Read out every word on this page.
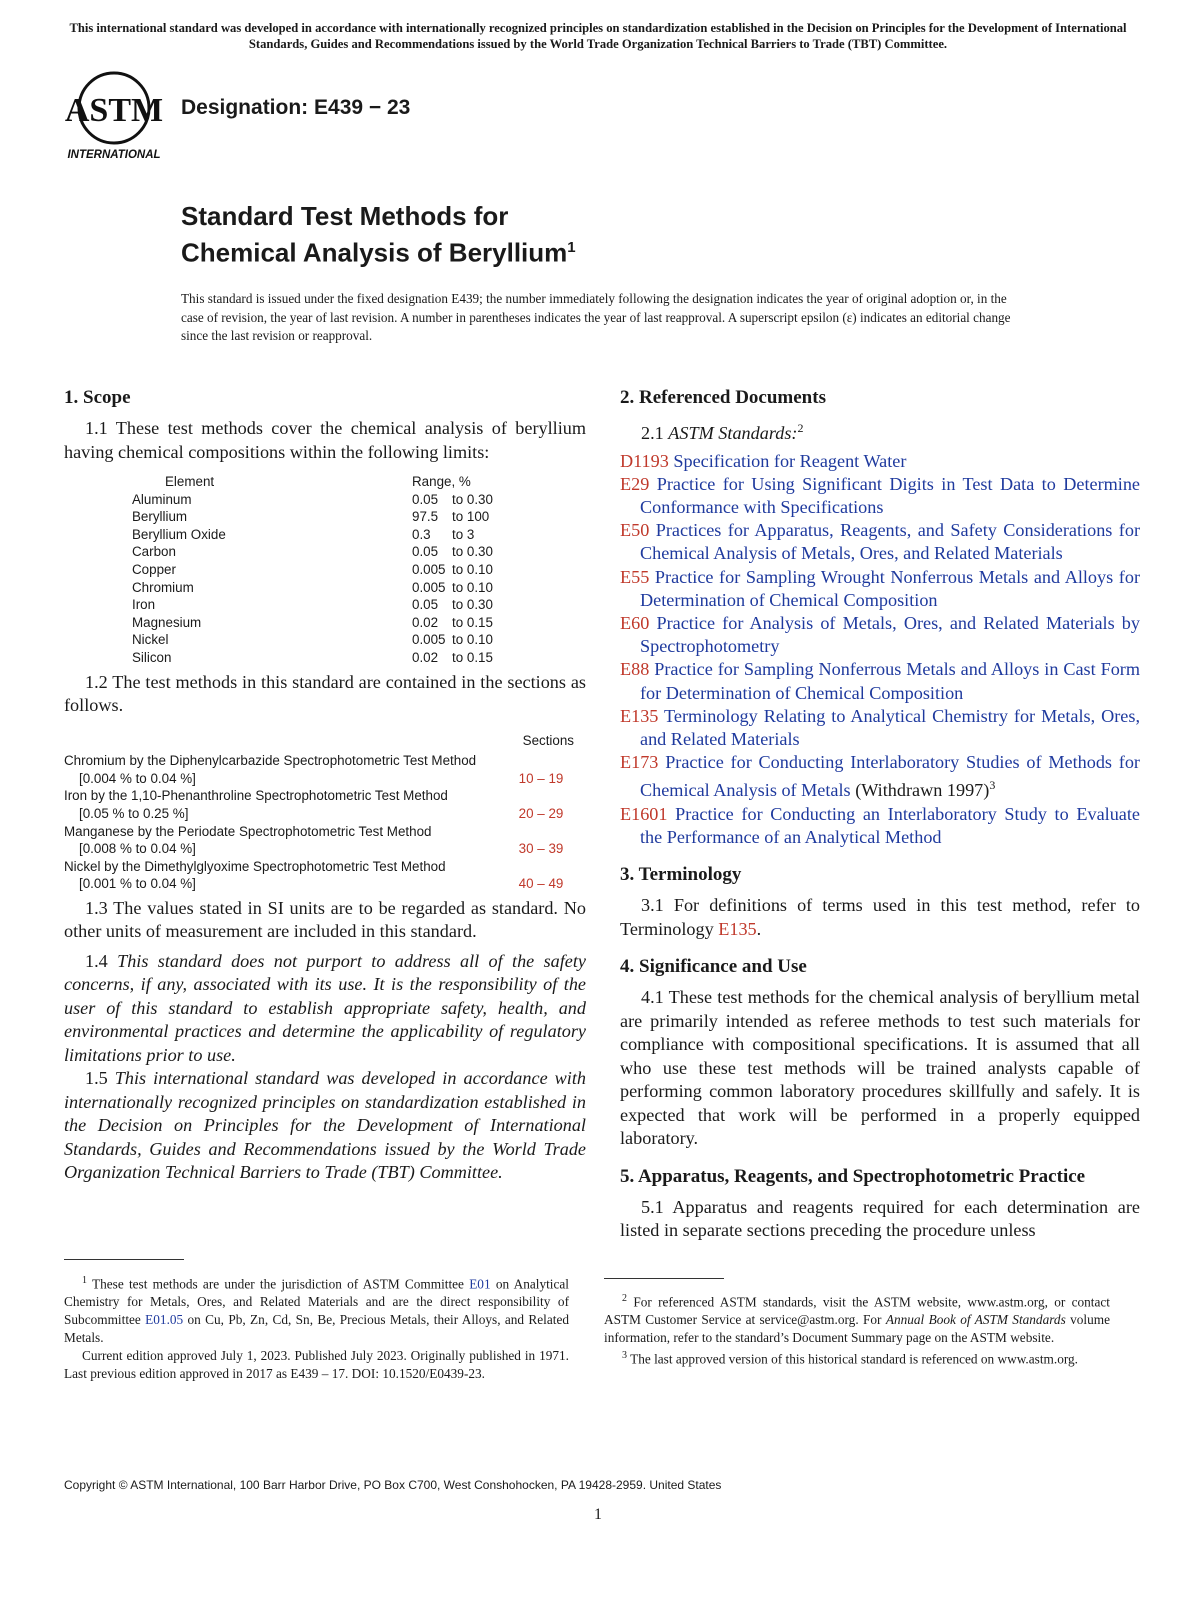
This international standard was developed in accordance with internationally recognized principles on standardization established in the Decision on Principles for the Development of International Standards, Guides and Recommendations issued by the World Trade Organization Technical Barriers to Trade (TBT) Committee.
ASTM
INTERNATIONAL
Designation: E439 − 23
Standard Test Methods for
Chemical Analysis of Beryllium$^1$
This standard is issued under the fixed designation E439; the number immediately following the designation indicates the year of original adoption or, in the case of revision, the year of last revision. A number in parentheses indicates the year of last reapproval. A superscript epsilon (ε) indicates an editorial change since the last revision or reapproval.
1. Scope

1.1 These test methods cover the chemical analysis of beryllium having chemical compositions within the following limits:

Element	Range, %
Aluminum	0.05	to 0.30
Beryllium	97.5	to 100
Beryllium Oxide	0.3	to 3
Carbon	0.05	to 0.30
Copper	0.005 to 0.10
Chromium	0.005 to 0.10
Iron	0.05	to 0.30
Magnesium	0.02	to 0.15
Nickel	0.005 to 0.10
Silicon	0.02	to 0.15

1.2 The test methods in this standard are contained in the sections as follows.

Sections
Chromium by the Diphenylcarbazide Spectrophotometric Test Method
[0.004 % to 0.04 %]	10 – 19
Iron by the 1,10-Phenanthroline Spectrophotometric Test Method
[0.05 % to 0.25 %]	20 – 29
Manganese by the Periodate Spectrophotometric Test Method
[0.008 % to 0.04 %]	30 – 39
Nickel by the Dimethylglyoxime Spectrophotometric Test Method
[0.001 % to 0.04 %]	40 – 49

1.3 The values stated in SI units are to be regarded as standard. No other units of measurement are included in this standard.

1.4 This standard does not purport to address all of the safety concerns, if any, associated with its use. It is the responsibility of the user of this standard to establish appropriate safety, health, and environmental practices and determine the applicability of regulatory limitations prior to use.

1.5 This international standard was developed in accordance with internationally recognized principles on standardization established in the Decision on Principles for the Development of International Standards, Guides and Recommendations issued by the World Trade Organization Technical Barriers to Trade (TBT) Committee.

2. Referenced Documents

2.1 ASTM Standards:$^2$

D1193 Specification for Reagent Water
E29 Practice for Using Significant Digits in Test Data to Determine Conformance with Specifications
E50 Practices for Apparatus, Reagents, and Safety Considerations for Chemical Analysis of Metals, Ores, and Related Materials
E55 Practice for Sampling Wrought Nonferrous Metals and Alloys for Determination of Chemical Composition
E60 Practice for Analysis of Metals, Ores, and Related Materials by Spectrophotometry
E88 Practice for Sampling Nonferrous Metals and Alloys in Cast Form for Determination of Chemical Composition
E135 Terminology Relating to Analytical Chemistry for Metals, Ores, and Related Materials
E173 Practice for Conducting Interlaboratory Studies of Methods for Chemical Analysis of Metals (Withdrawn 1997)$^3$
E1601 Practice for Conducting an Interlaboratory Study to Evaluate the Performance of an Analytical Method
3. Terminology

3.1 For definitions of terms used in this test method, refer to Terminology E135.

4. Significance and Use

4.1 These test methods for the chemical analysis of beryllium metal are primarily intended as referee methods to test such materials for compliance with compositional specifications. It is assumed that all who use these test methods will be trained analysts capable of performing common laboratory procedures skillfully and safely. It is expected that work will be performed in a properly equipped laboratory.

5. Apparatus, Reagents, and Spectrophotometric Practice

5.1 Apparatus and reagents required for each determination are listed in separate sections preceding the procedure unless

$^1$ These test methods are under the jurisdiction of ASTM Committee E01 on Analytical Chemistry for Metals, Ores, and Related Materials and are the direct responsibility of Subcommittee E01.05 on Cu, Pb, Zn, Cd, Sn, Be, Precious Metals, their Alloys, and Related Metals.
Current edition approved July 1, 2023. Published July 2023. Originally published in 1971. Last previous edition approved in 2017 as E439 – 17. DOI: 10.1520/E0439-23.
$^2$ For referenced ASTM standards, visit the ASTM website, www.astm.org, or contact ASTM Customer Service at service@astm.org. For Annual Book of ASTM Standards volume information, refer to the standard’s Document Summary page on the ASTM website.
$^3$ The last approved version of this historical standard is referenced on www.astm.org.
Copyright © ASTM International, 100 Barr Harbor Drive, PO Box C700, West Conshohocken, PA 19428-2959. United States
1
